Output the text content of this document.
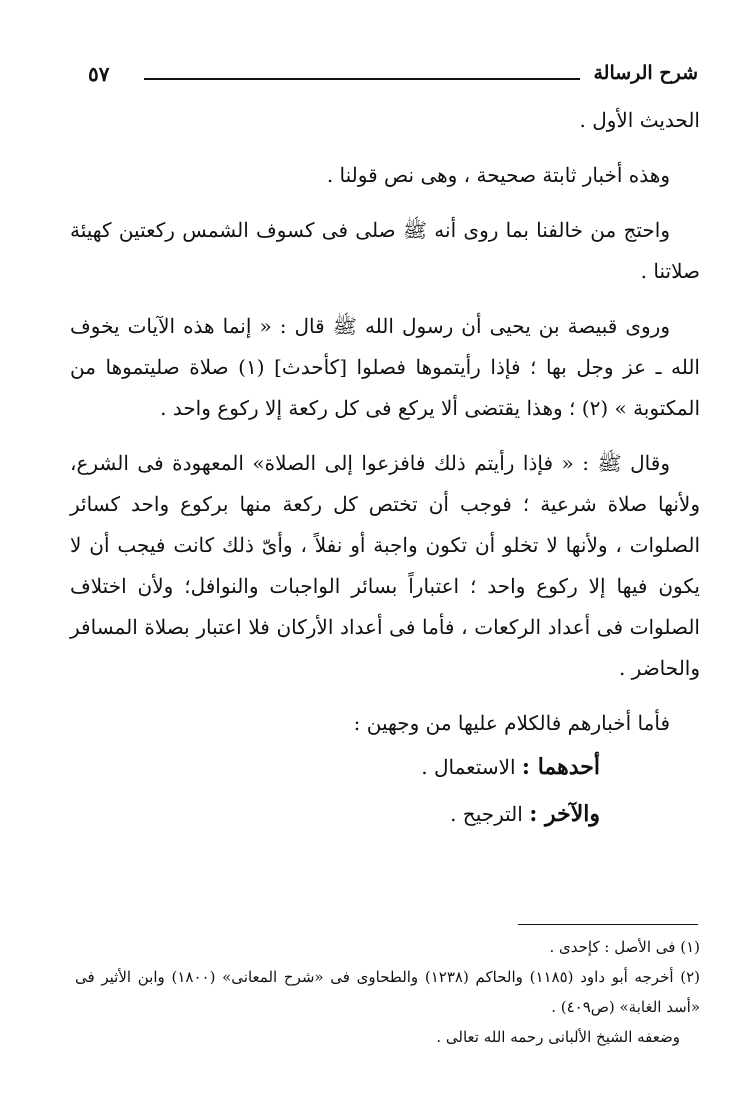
شرح الرسالة
٥٧

الحديث الأول .

وهذه أخبار ثابتة صحيحة ، وهى نص قولنا .

واحتج من خالفنا بما روى أنه ﷺ صلى فى كسوف الشمس ركعتين كهيئة صلاتنا .

وروى قبيصة بن يحيى أن رسول الله ﷺ قال : « إنما هذه الآيات يخوف الله ـ عز وجل بها ؛ فإذا رأيتموها فصلوا [كأحدث] (١) صلاة صليتموها من المكتوبة » (٢) ؛ وهذا يقتضى ألا يركع فى كل ركعة إلا ركوع واحد .

وقال ﷺ : « فإذا رأيتم ذلك فافزعوا إلى الصلاة» المعهودة فى الشرع، ولأنها صلاة شرعية ؛ فوجب أن تختص كل ركعة منها بركوع واحد كسائر الصلوات ، ولأنها لا تخلو أن تكون واجبة أو نفلاً ، وأىّ ذلك كانت فيجب أن لا يكون فيها إلا ركوع واحد ؛ اعتباراً بسائر الواجبات والنوافل؛ ولأن اختلاف الصلوات فى أعداد الركعات ، فأما فى أعداد الأركان فلا اعتبار بصلاة المسافر والحاضر .

فأما أخبارهم فالكلام عليها من وجهين :

أحدهما : الاستعمال .

والآخر : الترجيح .

(١) فى الأصل : كإحدى .

(٢) أخرجه أبو داود (١١٨٥) والحاكم (١٢٣٨) والطحاوى فى «شرح المعانى» (١٨٠٠) وابن الأثير فى «أسد الغابة» (ص٤٠٩) .

وضعفه الشيخ الألبانى رحمه الله تعالى .
